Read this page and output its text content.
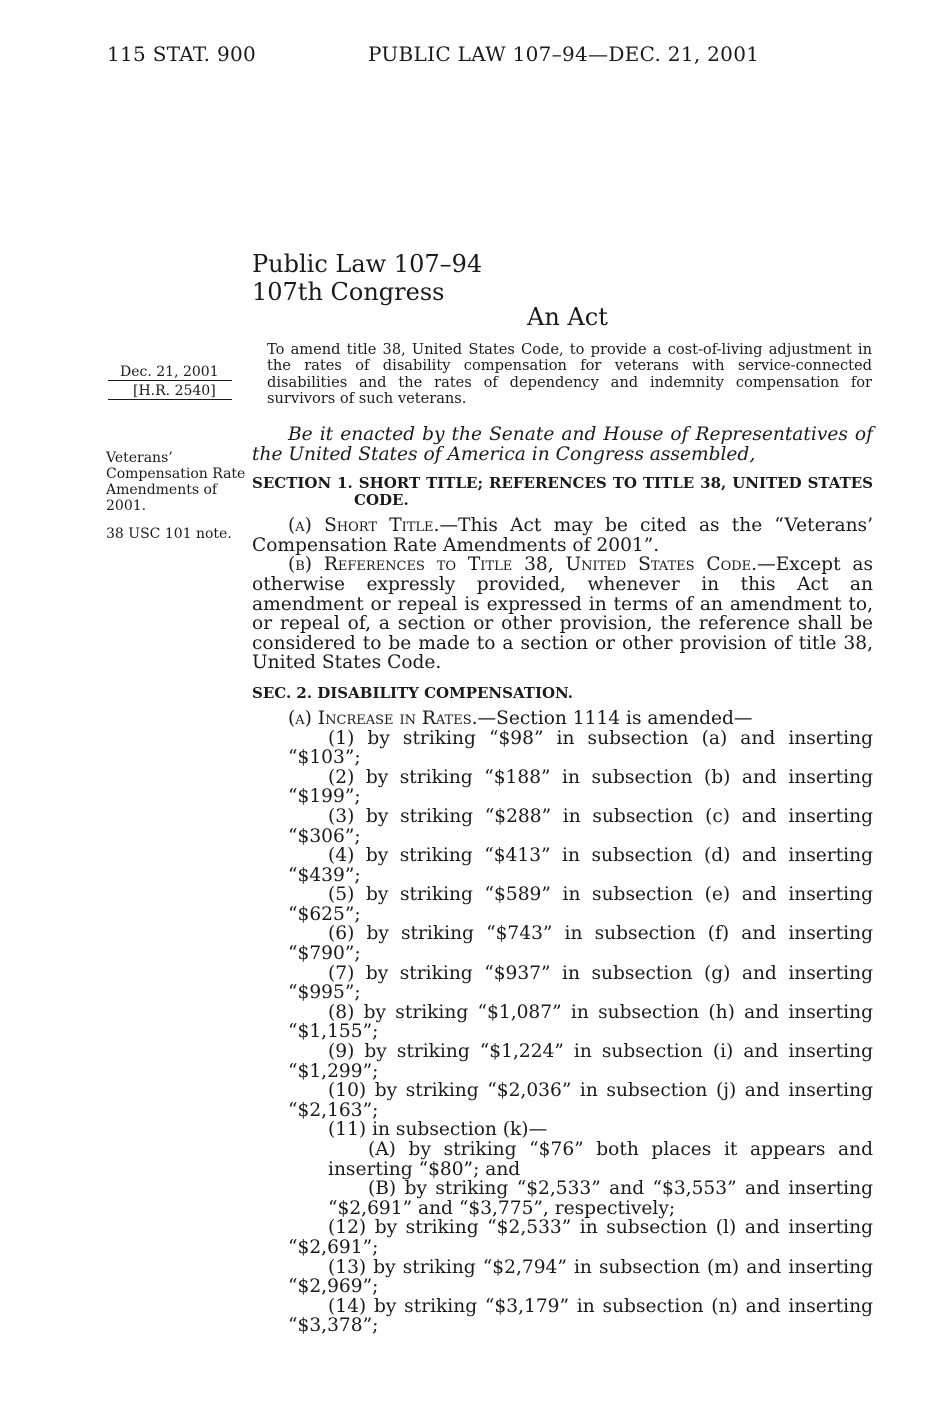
115 STAT. 900	PUBLIC LAW 107–94—DEC. 21, 2001
Public Law 107–94
107th Congress
An Act
Dec. 21, 2001
[H.R. 2540]
Veterans’ Compensation Rate Amendments of 2001.
38 USC 101 note.
To amend title 38, United States Code, to provide a cost-of-living adjustment in the rates of disability compensation for veterans with service-connected disabilities and the rates of dependency and indemnity compensation for survivors of such veterans.

Be it enacted by the Senate and House of Representatives of the United States of America in Congress assembled,

SECTION 1. SHORT TITLE; REFERENCES TO TITLE 38, UNITED STATES CODE.

(a) Short Title.—This Act may be cited as the “Veterans’ Compensation Rate Amendments of 2001”.

(b) References to Title 38, United States Code.—Except as otherwise expressly provided, whenever in this Act an amendment or repeal is expressed in terms of an amendment to, or repeal of, a section or other provision, the reference shall be considered to be made to a section or other provision of title 38, United States Code.

SEC. 2. DISABILITY COMPENSATION.

(a) Increase in Rates.—Section 1114 is amended—

(1) by striking “$98” in subsection (a) and inserting “$103”;

(2) by striking “$188” in subsection (b) and inserting “$199”;

(3) by striking “$288” in subsection (c) and inserting “$306”;

(4) by striking “$413” in subsection (d) and inserting “$439”;

(5) by striking “$589” in subsection (e) and inserting “$625”;

(6) by striking “$743” in subsection (f) and inserting “$790”;

(7) by striking “$937” in subsection (g) and inserting “$995”;

(8) by striking “$1,087” in subsection (h) and inserting “$1,155”;

(9) by striking “$1,224” in subsection (i) and inserting “$1,299”;

(10) by striking “$2,036” in subsection (j) and inserting “$2,163”;

(11) in subsection (k)—

(A) by striking “$76” both places it appears and inserting “$80”; and

(B) by striking “$2,533” and “$3,553” and inserting “$2,691” and “$3,775”, respectively;

(12) by striking “$2,533” in subsection (l) and inserting “$2,691”;

(13) by striking “$2,794” in subsection (m) and inserting “$2,969”;

(14) by striking “$3,179” in subsection (n) and inserting “$3,378”;
